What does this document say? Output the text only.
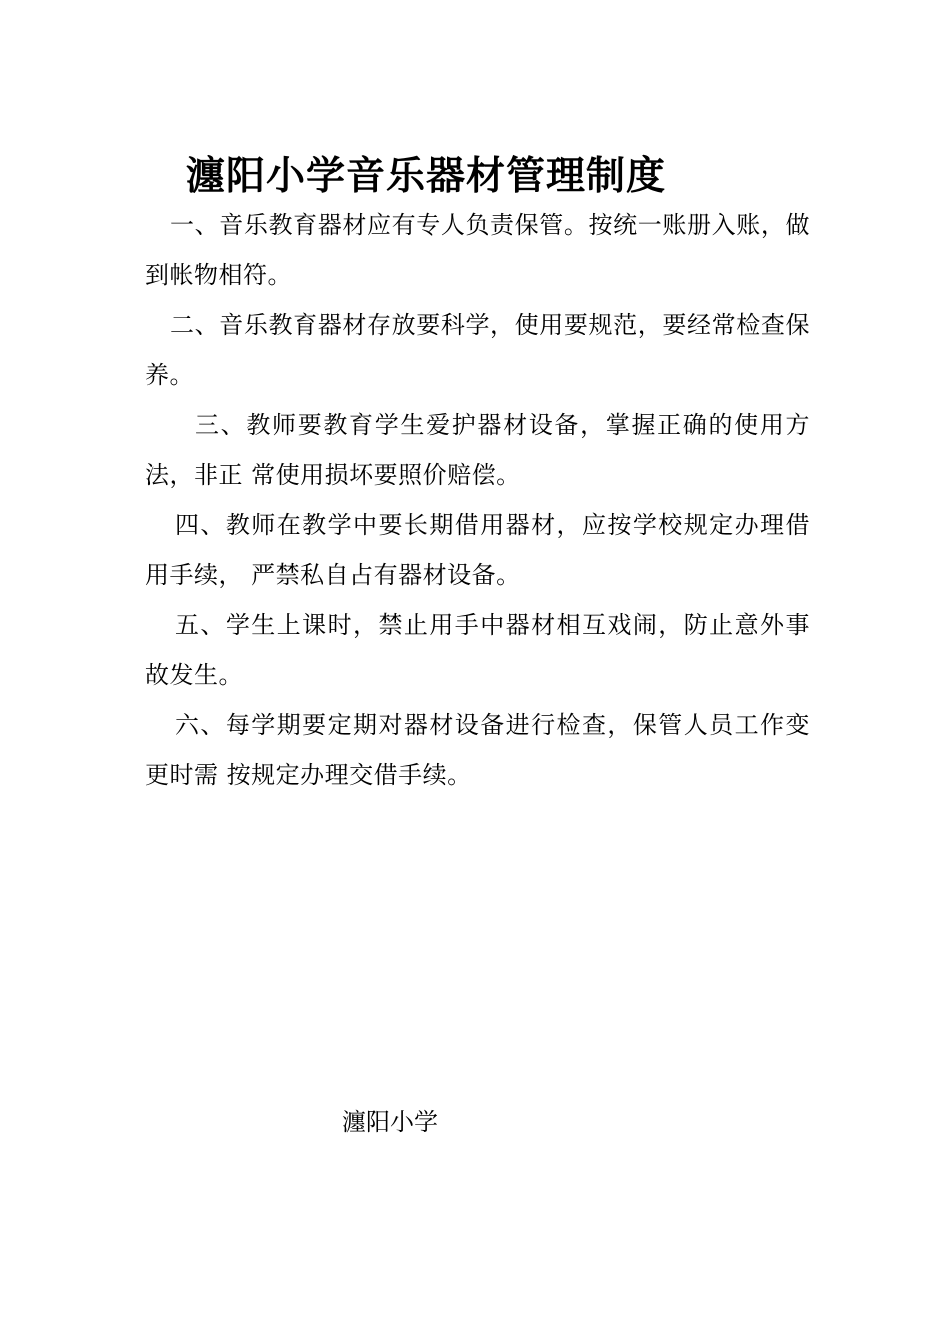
瀍阳小学音乐器材管理制度

一、音乐教育器材应有专人负责保管。按统一账册入账，做到帐物相符。

二、音乐教育器材存放要科学，使用要规范，要经常检查保养。

三、教师要教育学生爱护器材设备，掌握正确的使用方法，非正 常使用损坏要照价赔偿。

四、教师在教学中要长期借用器材，应按学校规定办理借用手续， 严禁私自占有器材设备。

五、学生上课时，禁止用手中器材相互戏闹，防止意外事故发生。

六、每学期要定期对器材设备进行检查，保管人员工作变更时需 按规定办理交借手续。

瀍阳小学
